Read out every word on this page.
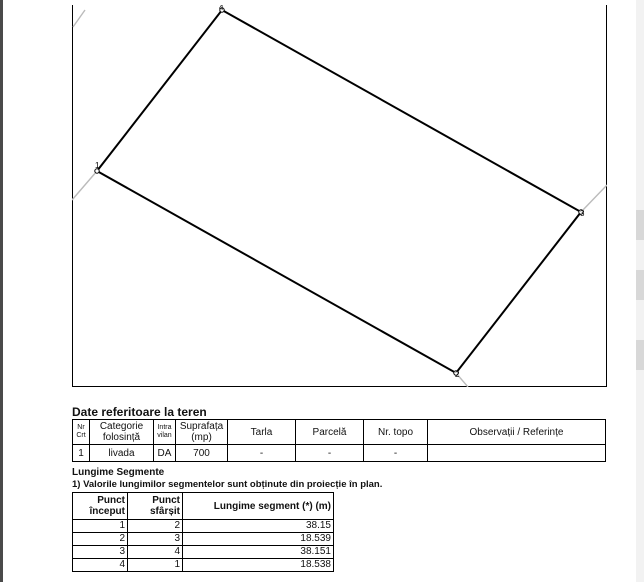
1
2
3
4
Date referitoare la teren
Nr Crt	Categorie folosință	Intra vilan	Suprafața (mp)	Tarla	Parcelă	Nr. topo	Observații / Referințe
1	livada	DA	700	-	-	-	
Lungime Segmente

1) Valorile lungimilor segmentelor sunt obținute din proiecție în plan.

Punct început	Punct sfârșit	Lungime segment (*) (m)
1	2	38.15
2	3	18.539
3	4	38.151
4	1	18.538
